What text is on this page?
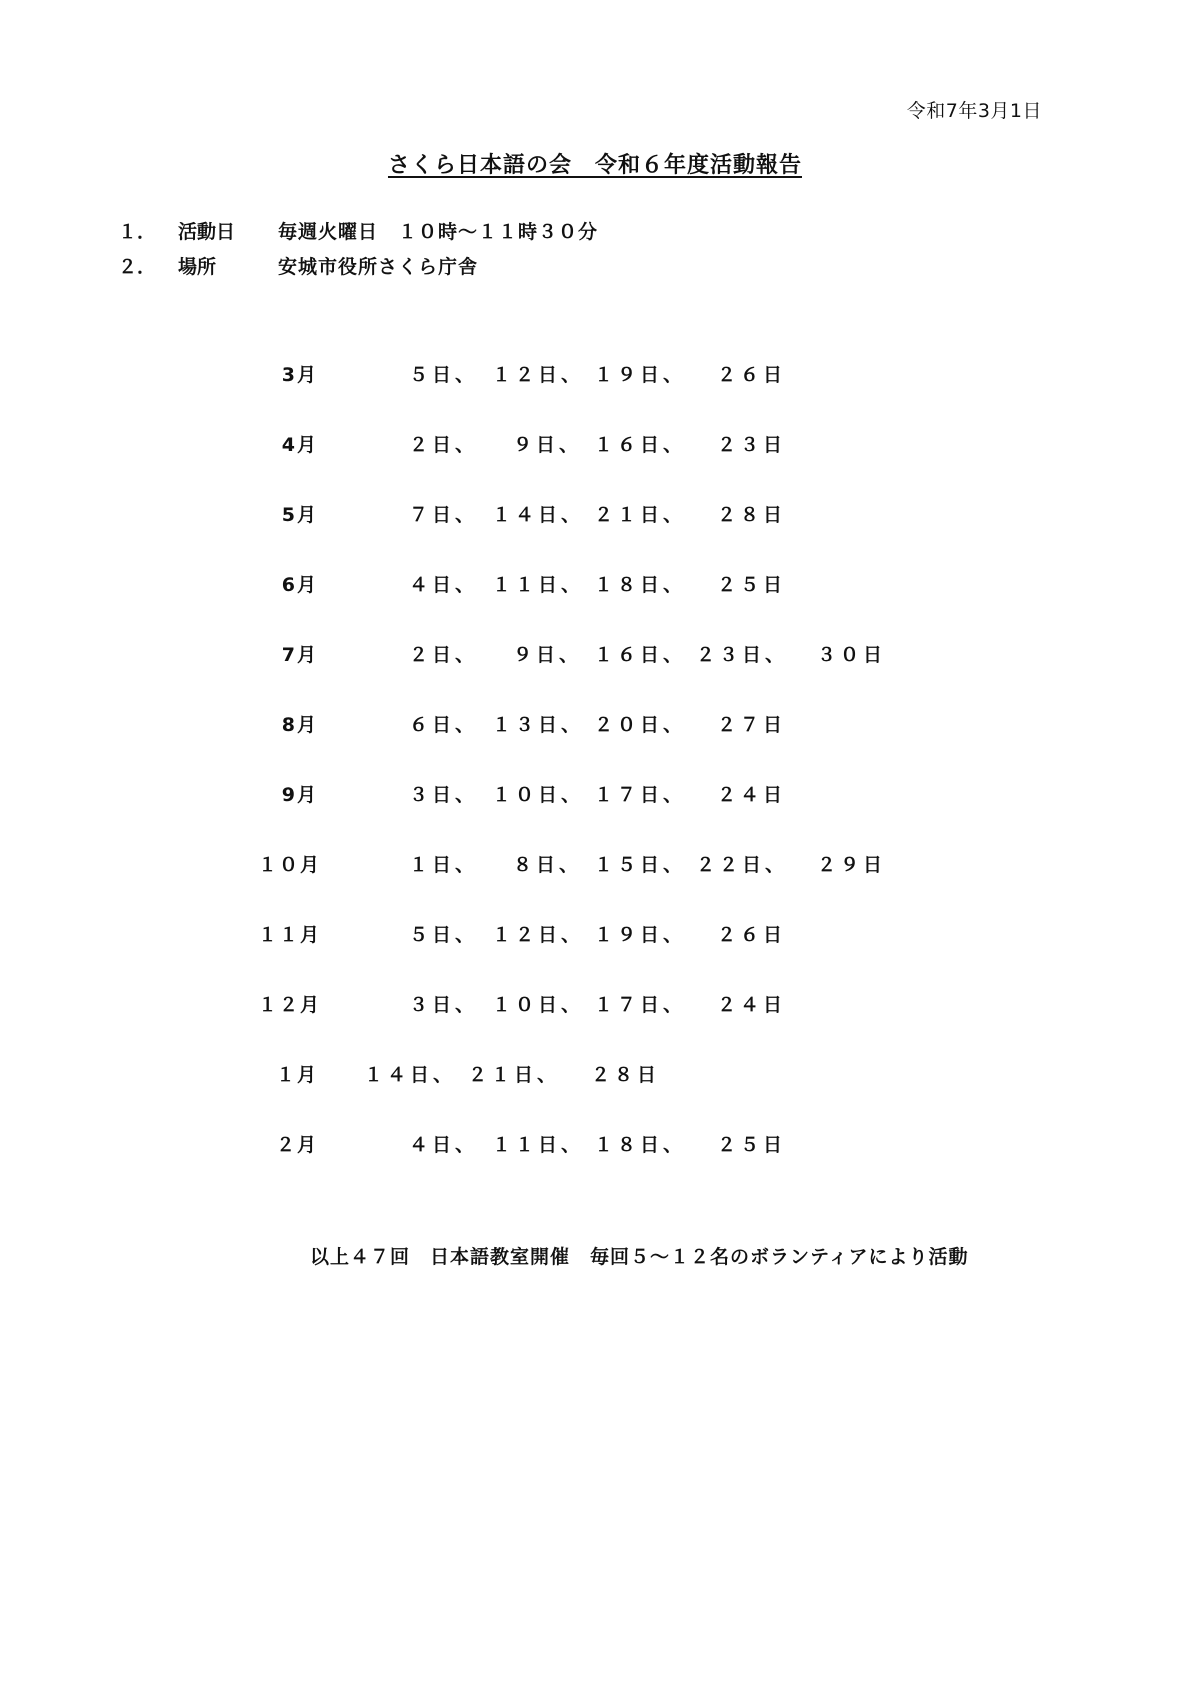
令和7年3月1日
さくら日本語の会　令和６年度活動報告
１． 活動日	毎週火曜日　１０時～１１時３０分
２． 場所	安城市役所さくら庁舎
3月	５日、 １２日、 １９日、	２６日
4月	２日、	９日、 １６日、	２３日
5月	７日、 １４日、 ２１日、	２８日
6月	４日、 １１日、 １８日、	２５日
7月	２日、	９日、 １６日、 ２３日、	３０日
8月	６日、 １３日、 ２０日、	２７日
9月	３日、 １０日、 １７日、	２４日
１０月	１日、	８日、 １５日、 ２２日、	２９日
１１月	５日、 １２日、 １９日、	２６日
１２月	３日、 １０日、 １７日、	２４日
１月 １４日、 ２１日、	２８日
２月	４日、 １１日、 １８日、	２５日
以上４７回　日本語教室開催　毎回５～１２名のボランティアにより活動
